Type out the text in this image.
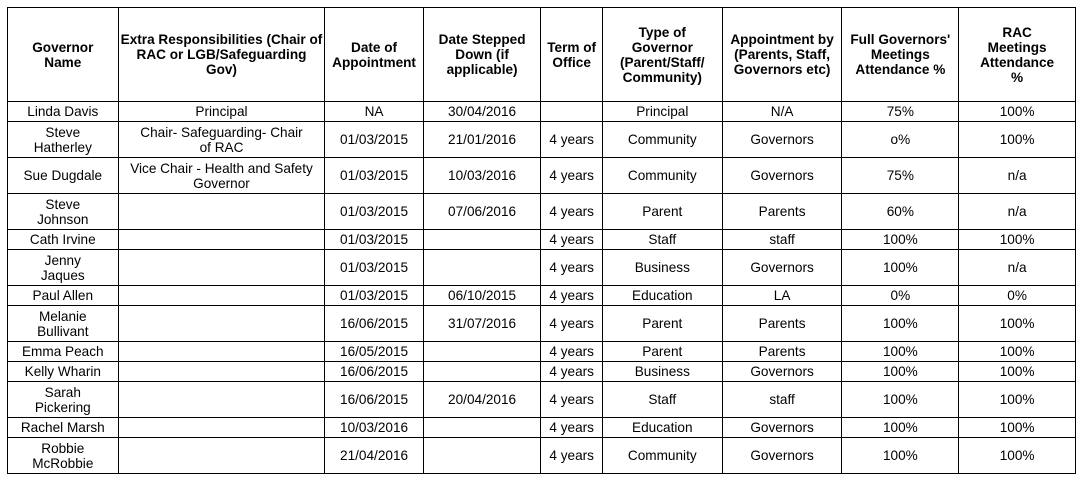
Governor Name	Extra Responsibilities (Chair of RAC or LGB/Safeguarding Gov)	Date of Appointment	Date Stepped Down (if applicable)	Term of Office	Type of Governor (Parent/Staff/ Community)	Appointment by (Parents, Staff, Governors etc)	Full Governors' Meetings Attendance %	RAC Meetings Attendance %
Linda Davis	Principal	NA	30/04/2016		Principal	N/A	75%	100%
Steve Hatherley	Chair- Safeguarding- Chair of RAC	01/03/2015	21/01/2016	4 years	Community	Governors	o%	100%
Sue Dugdale	Vice Chair - Health and Safety Governor	01/03/2015	10/03/2016	4 years	Community	Governors	75%	n/a
Steve Johnson		01/03/2015	07/06/2016	4 years	Parent	Parents	60%	n/a
Cath Irvine		01/03/2015		4 years	Staff	staff	100%	100%
Jenny Jaques		01/03/2015		4 years	Business	Governors	100%	n/a
Paul Allen		01/03/2015	06/10/2015	4 years	Education	LA	0%	0%
Melanie Bullivant		16/06/2015	31/07/2016	4 years	Parent	Parents	100%	100%
Emma Peach		16/05/2015		4 years	Parent	Parents	100%	100%
Kelly Wharin		16/06/2015		4 years	Business	Governors	100%	100%
Sarah Pickering		16/06/2015	20/04/2016	4 years	Staff	staff	100%	100%
Rachel Marsh		10/03/2016		4 years	Education	Governors	100%	100%
Robbie McRobbie		21/04/2016		4 years	Community	Governors	100%	100%
